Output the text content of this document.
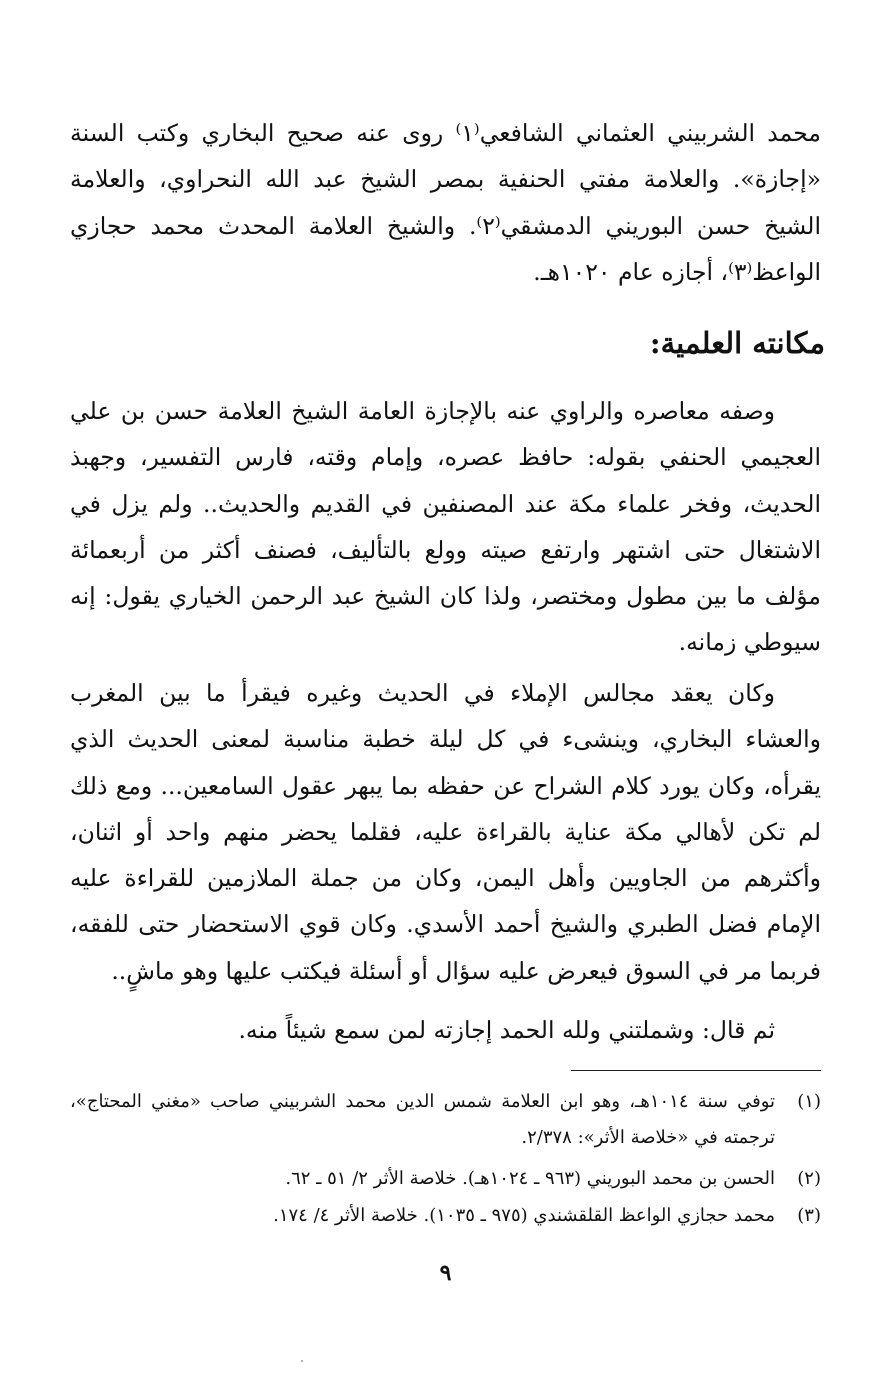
محمد الشربيني العثماني الشافعي⁽١⁾ روى عنه صحيح البخاري وكتب السنة «إجازة». والعلامة مفتي الحنفية بمصر الشيخ عبد الله النحراوي، والعلامة الشيخ حسن البوريني الدمشقي⁽٢⁾. والشيخ العلامة المحدث محمد حجازي الواعظ⁽٣⁾، أجازه عام ١٠٢٠هـ.

مكانته العلمية:

وصفه معاصره والراوي عنه بالإجازة العامة الشيخ العلامة حسن بن علي العجيمي الحنفي بقوله: حافظ عصره، وإمام وقته، فارس التفسير، وجهبذ الحديث، وفخر علماء مكة عند المصنفين في القديم والحديث.. ولم يزل في الاشتغال حتى اشتهر وارتفع صيته وولع بالتأليف، فصنف أكثر من أربعمائة مؤلف ما بين مطول ومختصر، ولذا كان الشيخ عبد الرحمن الخياري يقول: إنه سيوطي زمانه.

وكان يعقد مجالس الإملاء في الحديث وغيره فيقرأ ما بين المغرب والعشاء البخاري، وينشىء في كل ليلة خطبة مناسبة لمعنى الحديث الذي يقرأه، وكان يورد كلام الشراح عن حفظه بما يبهر عقول السامعين... ومع ذلك لم تكن لأهالي مكة عناية بالقراءة عليه، فقلما يحضر منهم واحد أو اثنان، وأكثرهم من الجاويين وأهل اليمن، وكان من جملة الملازمين للقراءة عليه الإمام فضل الطبري والشيخ أحمد الأسدي. وكان قوي الاستحضار حتى للفقه، فربما مر في السوق فيعرض عليه سؤال أو أسئلة فيكتب عليها وهو ماشٍ..

ثم قال: وشملتني ولله الحمد إجازته لمن سمع شيئاً منه.

(١)
توفي سنة ١٠١٤هـ، وهو ابن العلامة شمس الدين محمد الشربيني صاحب «مغني المحتاج»، ترجمته في «خلاصة الأثر»: ٢/٣٧٨.
(٢)
الحسن بن محمد البوريني (٩٦٣ ـ ١٠٢٤هـ). خلاصة الأثر ٢/ ٥١ ـ ٦٢.
(٣)
محمد حجازي الواعظ القلقشندي (٩٧٥ ـ ١٠٣٥). خلاصة الأثر ٤/ ١٧٤.
٩
